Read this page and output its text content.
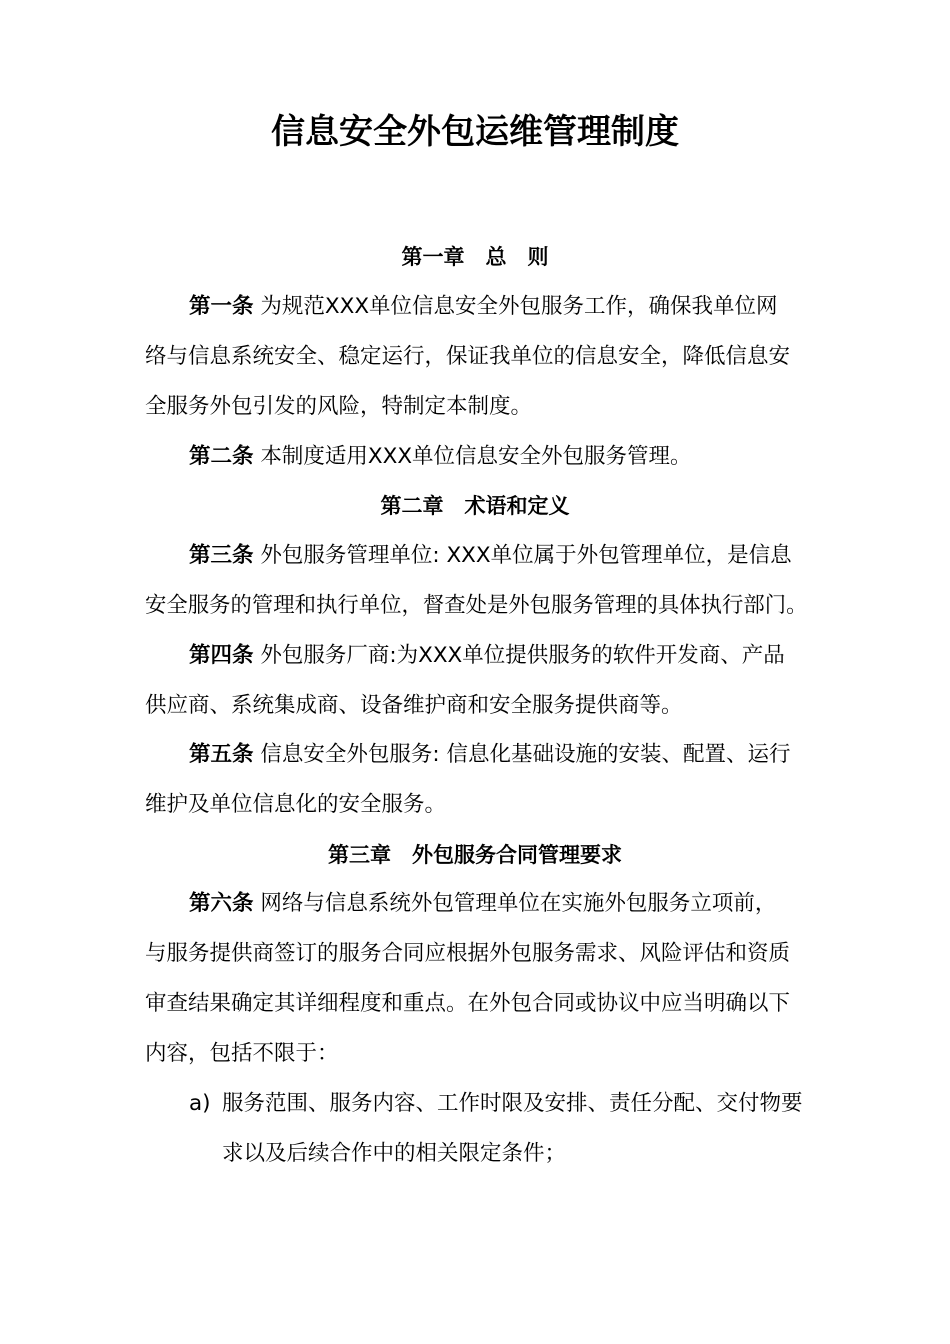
信息安全外包运维管理制度
第一章　总　则
第一条 为规范XXX单位信息安全外包服务工作，确保我单位网
络与信息系统安全、稳定运行，保证我单位的信息安全，降低信息安
全服务外包引发的风险，特制定本制度。
第二条 本制度适用XXX单位信息安全外包服务管理。
第二章　术语和定义
第三条 外包服务管理单位: XXX单位属于外包管理单位，是信息
安全服务的管理和执行单位，督查处是外包服务管理的具体执行部门。
第四条 外包服务厂商:为XXX单位提供服务的软件开发商、产品
供应商、系统集成商、设备维护商和安全服务提供商等。
第五条 信息安全外包服务: 信息化基础设施的安装、配置、运行
维护及单位信息化的安全服务。
第三章　外包服务合同管理要求
第六条 网络与信息系统外包管理单位在实施外包服务立项前，
与服务提供商签订的服务合同应根据外包服务需求、风险评估和资质
审查结果确定其详细程度和重点。在外包合同或协议中应当明确以下
内容，包括不限于：
a) 服务范围、服务内容、工作时限及安排、责任分配、交付物要
求以及后续合作中的相关限定条件；
